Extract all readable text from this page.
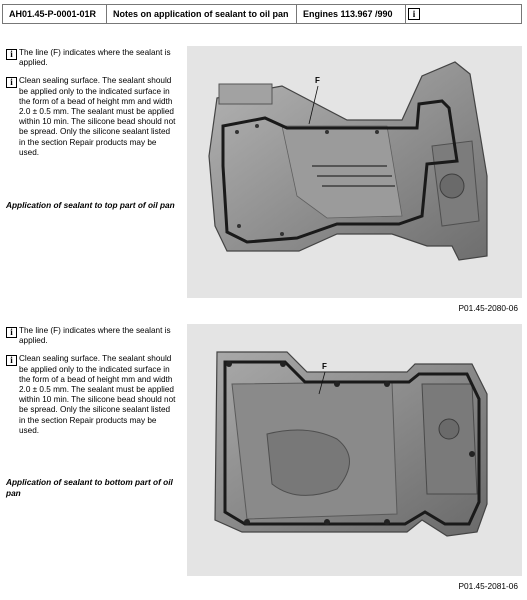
AH01.45-P-0001-01R	Notes on application of sealant to oil pan	Engines 113.967 /990	i
i The line (F) indicates where the sealant is applied.
i Clean sealing surface. The sealant should be applied only to the indicated surface in the form of a bead of height mm and width 2.0 ± 0.5 mm. The sealant must be applied within 10 min. The silicone bead should not be spread. Only the silicone sealant listed in the section Repair products may be used.
Application of sealant to top part of oil pan
F
P01.45-2080-06
i The line (F) indicates where the sealant is applied.
i Clean sealing surface. The sealant should be applied only to the indicated surface in the form of a bead of height mm and width 2.0 ± 0.5 mm. The sealant must be applied within 10 min. The silicone bead should not be spread. Only the silicone sealant listed in the section Repair products may be used.
Application of sealant to bottom part of oil pan
F
P01.45-2081-06
